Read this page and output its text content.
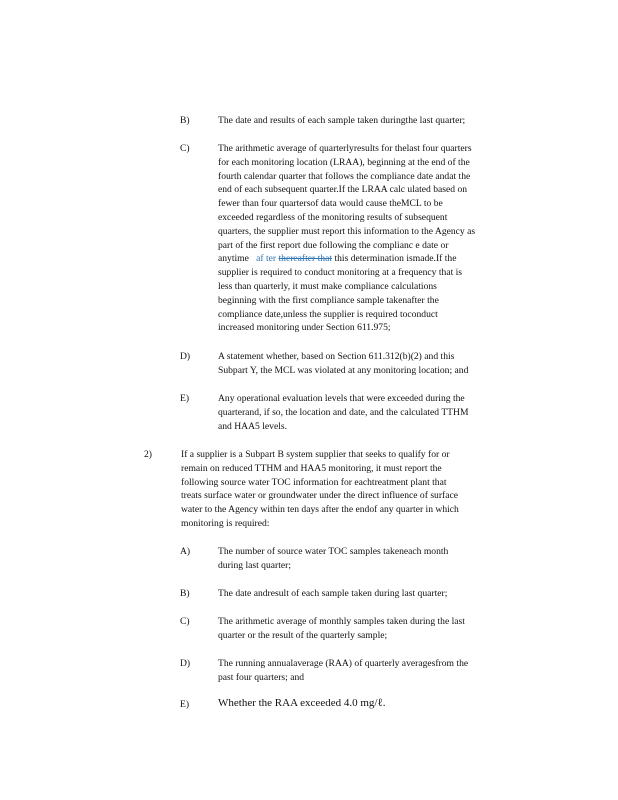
B)	The date and results of each sample taken duringthe last quarter;
C)	The arithmetic average of quarterlyresults for thelast four quarters
for each monitoring location (LRAA), beginning at the end of the
fourth calendar quarter that follows the compliance date andat the
end of each subsequent quarter.If the LRAA calc ulated based on
fewer than four quartersof data would cause theMCL to be
exceeded regardless of the monitoring results of subsequent
quarters, the supplier must report this information to the Agency as
part of the first report due following the complianc e date or
anytime af ter thereafter that this determination ismade.If the
supplier is required to conduct monitoring at a frequency that is
less than quarterly, it must make compliance calculations
beginning with the first compliance sample takenafter the
compliance date,unless the supplier is required toconduct
increased monitoring under Section 611.975;
D)	A statement whether, based on Section 611.312(b)(2) and this
Subpart Y, the MCL was violated at any monitoring location; and
E)	Any operational evaluation levels that were exceeded during the
quarterand, if so, the location and date, and the calculated TTHM
and HAA5 levels.
2)	If a supplier is a Subpart B system supplier that seeks to qualify for or
remain on reduced TTHM and HAA5 monitoring, it must report the
following source water TOC information for eachtreatment plant that
treats surface water or groundwater under the direct influence of surface
water to the Agency within ten days after the endof any quarter in which
monitoring is required:
A)	The number of source water TOC samples takeneach month
during last quarter;
B)	The date andresult of each sample taken during last quarter;
C)	The arithmetic average of monthly samples taken during the last
quarter or the result of the quarterly sample;
D)	The running annualaverage (RAA) of quarterly averagesfrom the
past four quarters; and
E)	Whether the RAA exceeded 4.0 mg/ℓ.
